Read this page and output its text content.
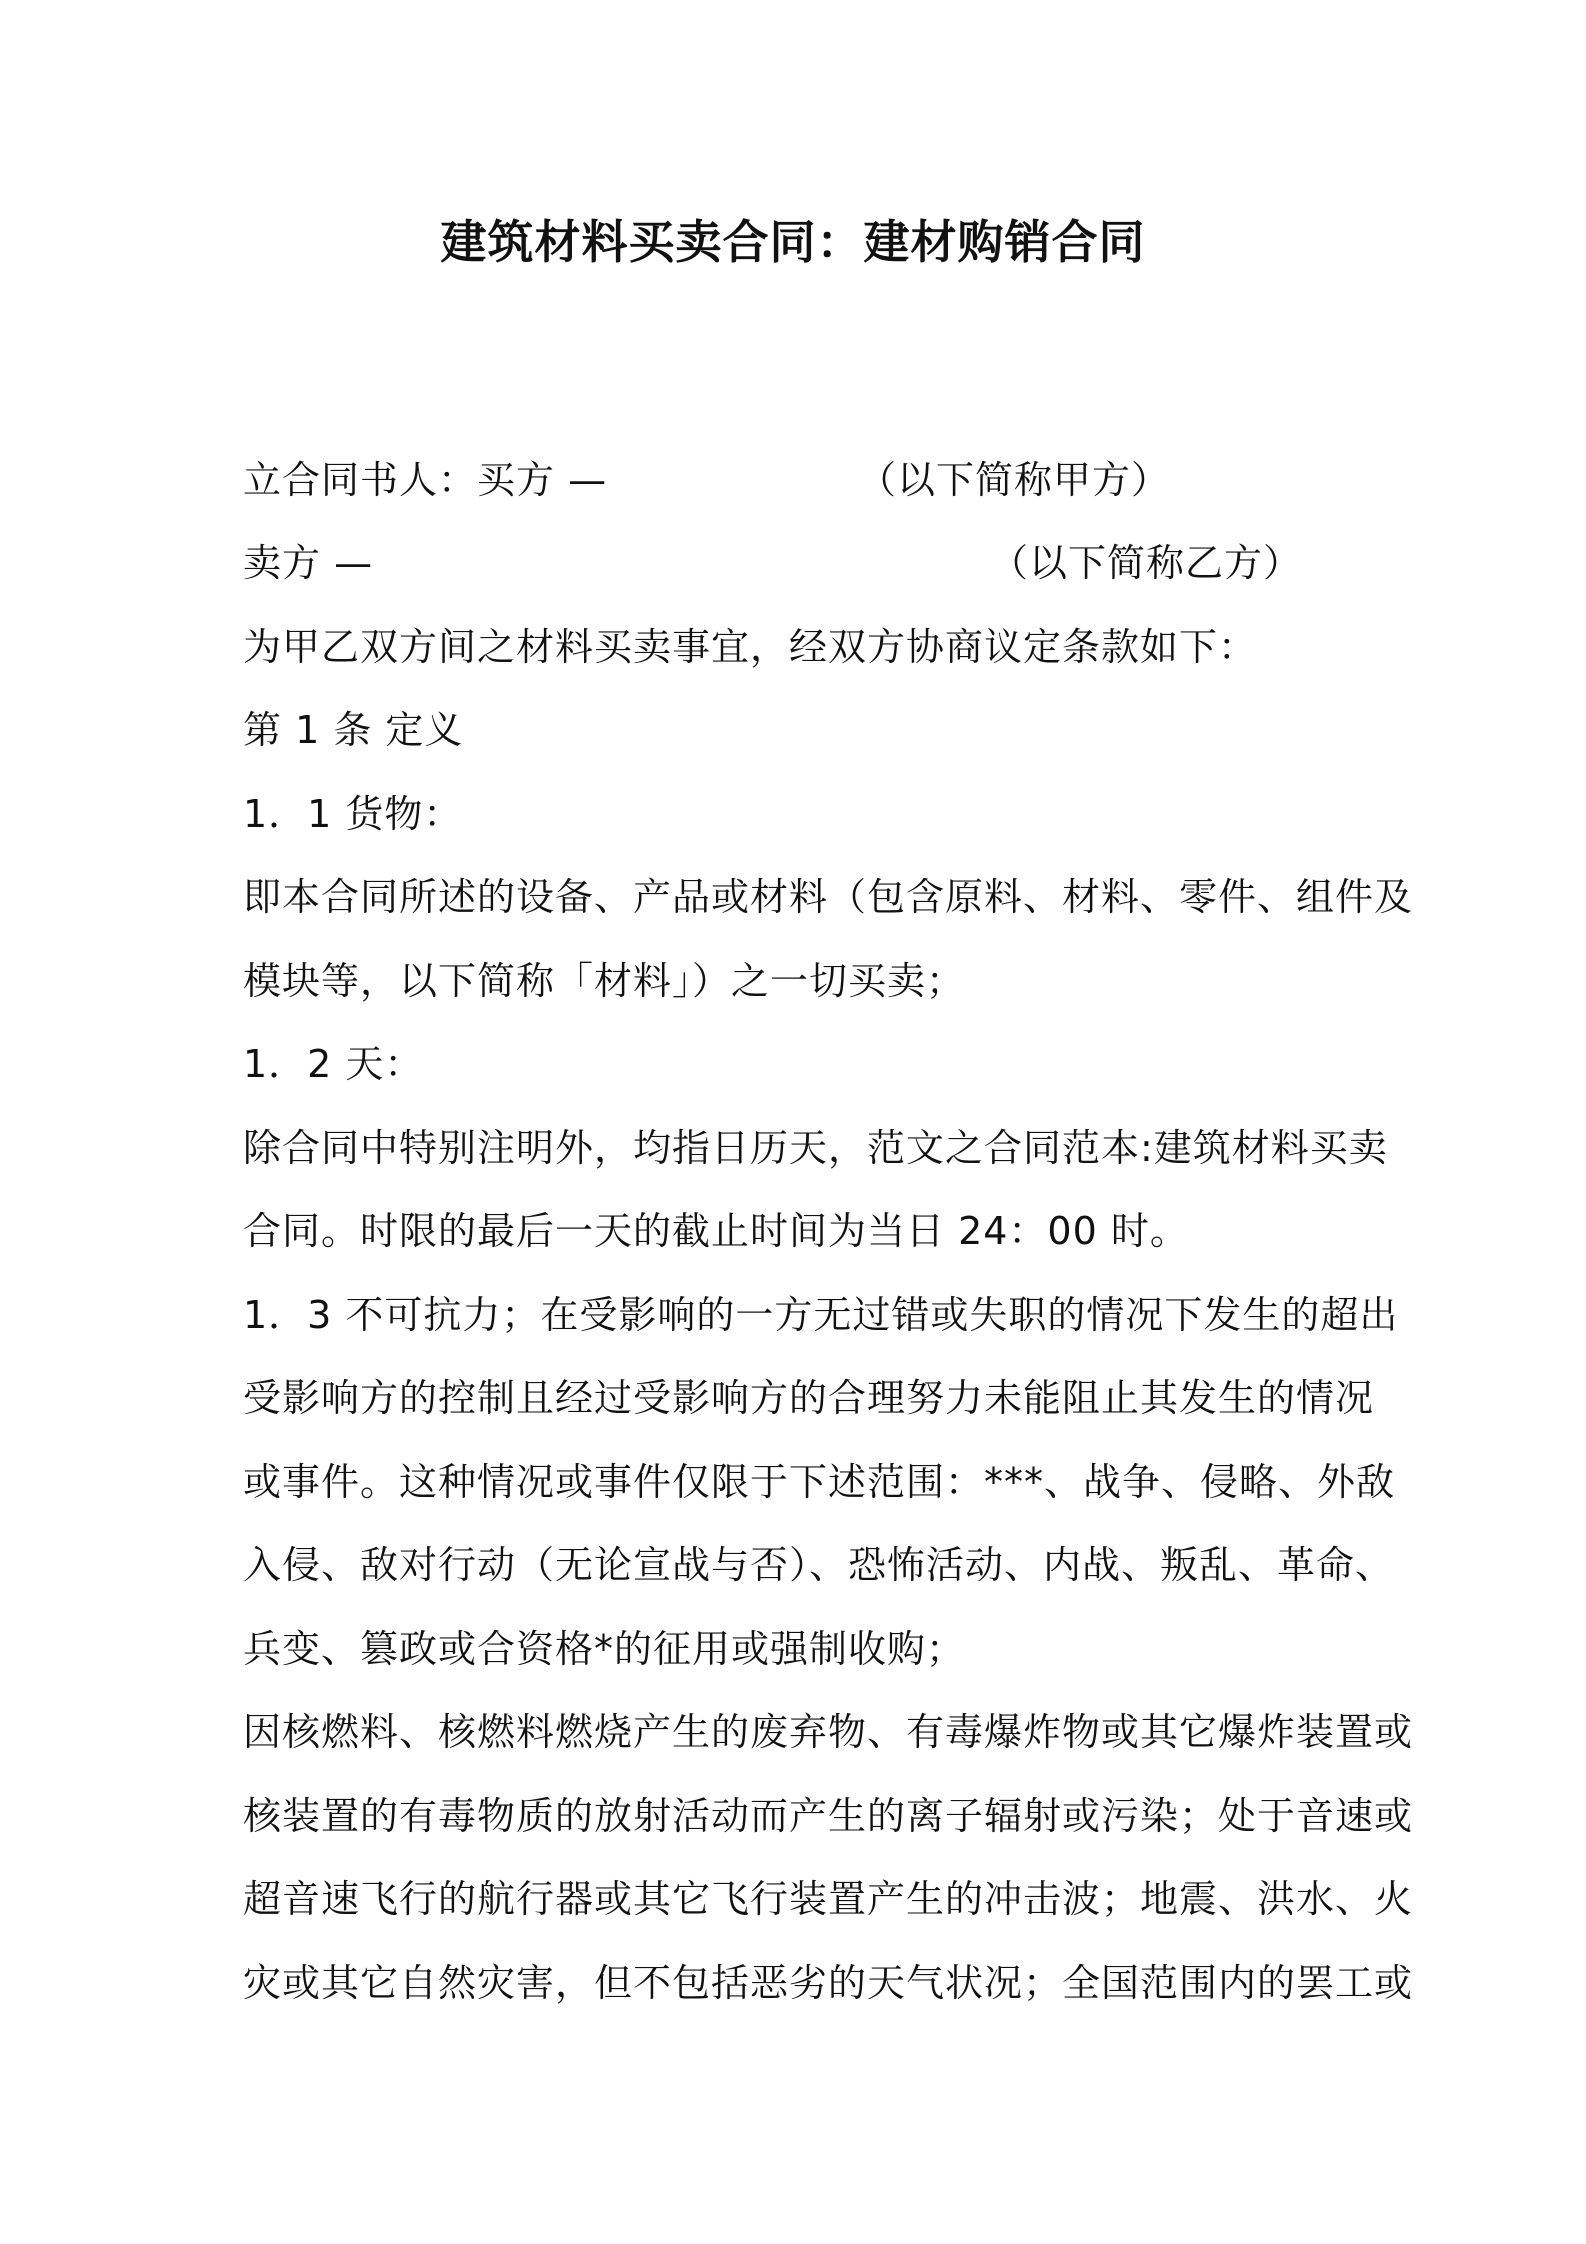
建筑材料买卖合同：建材购销合同
立合同书人：买方 —	（以下简称甲方）
卖方 —	（以下简称乙方）
为甲乙双方间之材料买卖事宜，经双方协商议定条款如下：
第 1 条 定义
1．1 货物：
即本合同所述的设备、产品或材料（包含原料、材料、零件、组件及
模块等，以下简称「材料」）之一切买卖；
1．2 天：
除合同中特别注明外，均指日历天，范文之合同范本:建筑材料买卖
合同。时限的最后一天的截止时间为当日 24：00 时。
1．3 不可抗力；在受影响的一方无过错或失职的情况下发生的超出
受影响方的控制且经过受影响方的合理努力未能阻止其发生的情况
或事件。这种情况或事件仅限于下述范围：***、战争、侵略、外敌
入侵、敌对行动（无论宣战与否）、恐怖活动、内战、叛乱、革命、
兵变、篡政或合资格*的征用或强制收购；
因核燃料、核燃料燃烧产生的废弃物、有毒爆炸物或其它爆炸装置或
核装置的有毒物质的放射活动而产生的离子辐射或污染；处于音速或
超音速飞行的航行器或其它飞行装置产生的冲击波；地震、洪水、火
灾或其它自然灾害，但不包括恶劣的天气状况；全国范围内的罢工或
